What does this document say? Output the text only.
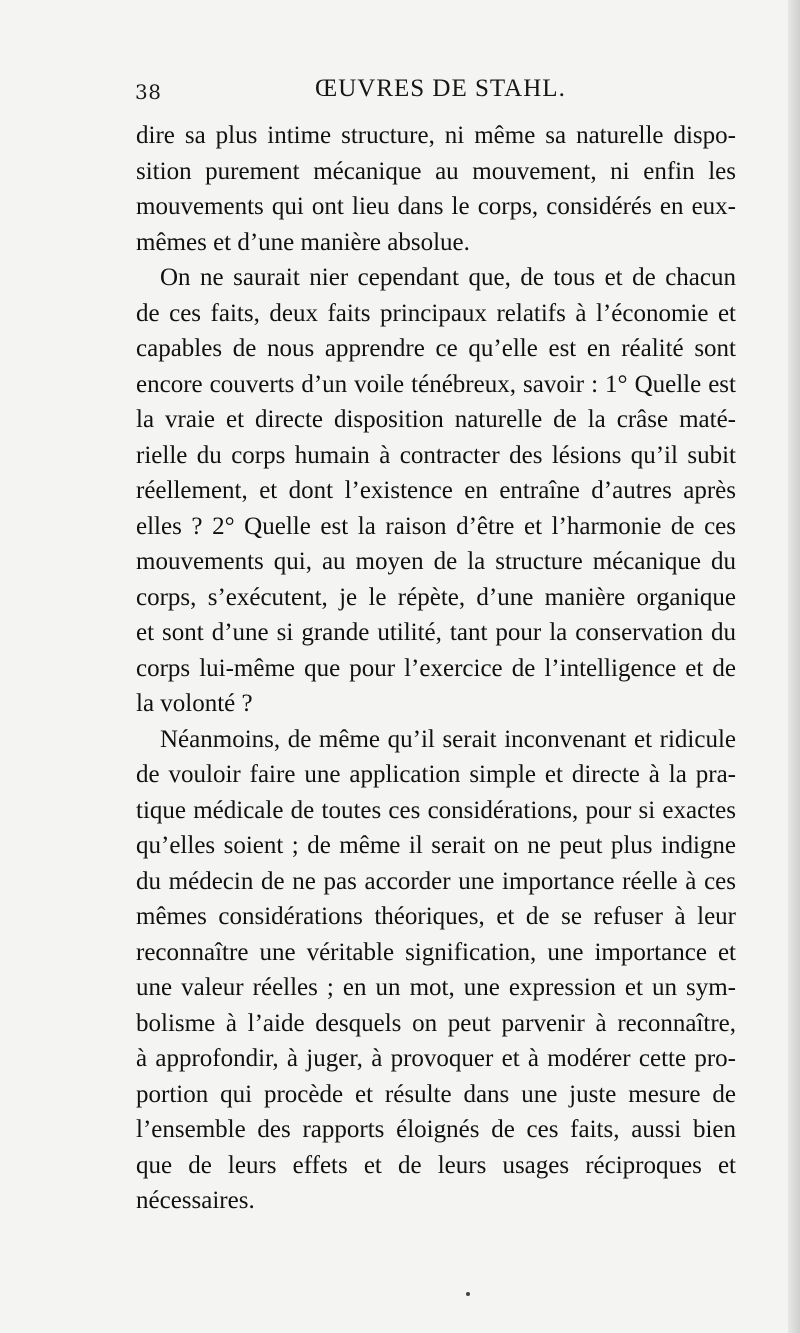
38	ŒUVRES DE STAHL.
dire sa plus intime structure, ni même sa naturelle dispo-
sition purement mécanique au mouvement, ni enfin les
mouvements qui ont lieu dans le corps, considérés en eux-
mêmes et d’une manière absolue.
On ne saurait nier cependant que, de tous et de chacun
de ces faits, deux faits principaux relatifs à l’économie et
capables de nous apprendre ce qu’elle est en réalité sont
encore couverts d’un voile ténébreux, savoir : 1° Quelle est
la vraie et directe disposition naturelle de la crâse maté-
rielle du corps humain à contracter des lésions qu’il subit
réellement, et dont l’existence en entraîne d’autres après
elles ? 2° Quelle est la raison d’être et l’harmonie de ces
mouvements qui, au moyen de la structure mécanique du
corps, s’exécutent, je le répète, d’une manière organique
et sont d’une si grande utilité, tant pour la conservation du
corps lui-même que pour l’exercice de l’intelligence et de
la volonté ?
Néanmoins, de même qu’il serait inconvenant et ridicule
de vouloir faire une application simple et directe à la pra-
tique médicale de toutes ces considérations, pour si exactes
qu’elles soient ; de même il serait on ne peut plus indigne
du médecin de ne pas accorder une importance réelle à ces
mêmes considérations théoriques, et de se refuser à leur
reconnaître une véritable signification, une importance et
une valeur réelles ; en un mot, une expression et un sym-
bolisme à l’aide desquels on peut parvenir à reconnaître,
à approfondir, à juger, à provoquer et à modérer cette pro-
portion qui procède et résulte dans une juste mesure de
l’ensemble des rapports éloignés de ces faits, aussi bien
que de leurs effets et de leurs usages réciproques et
nécessaires.
